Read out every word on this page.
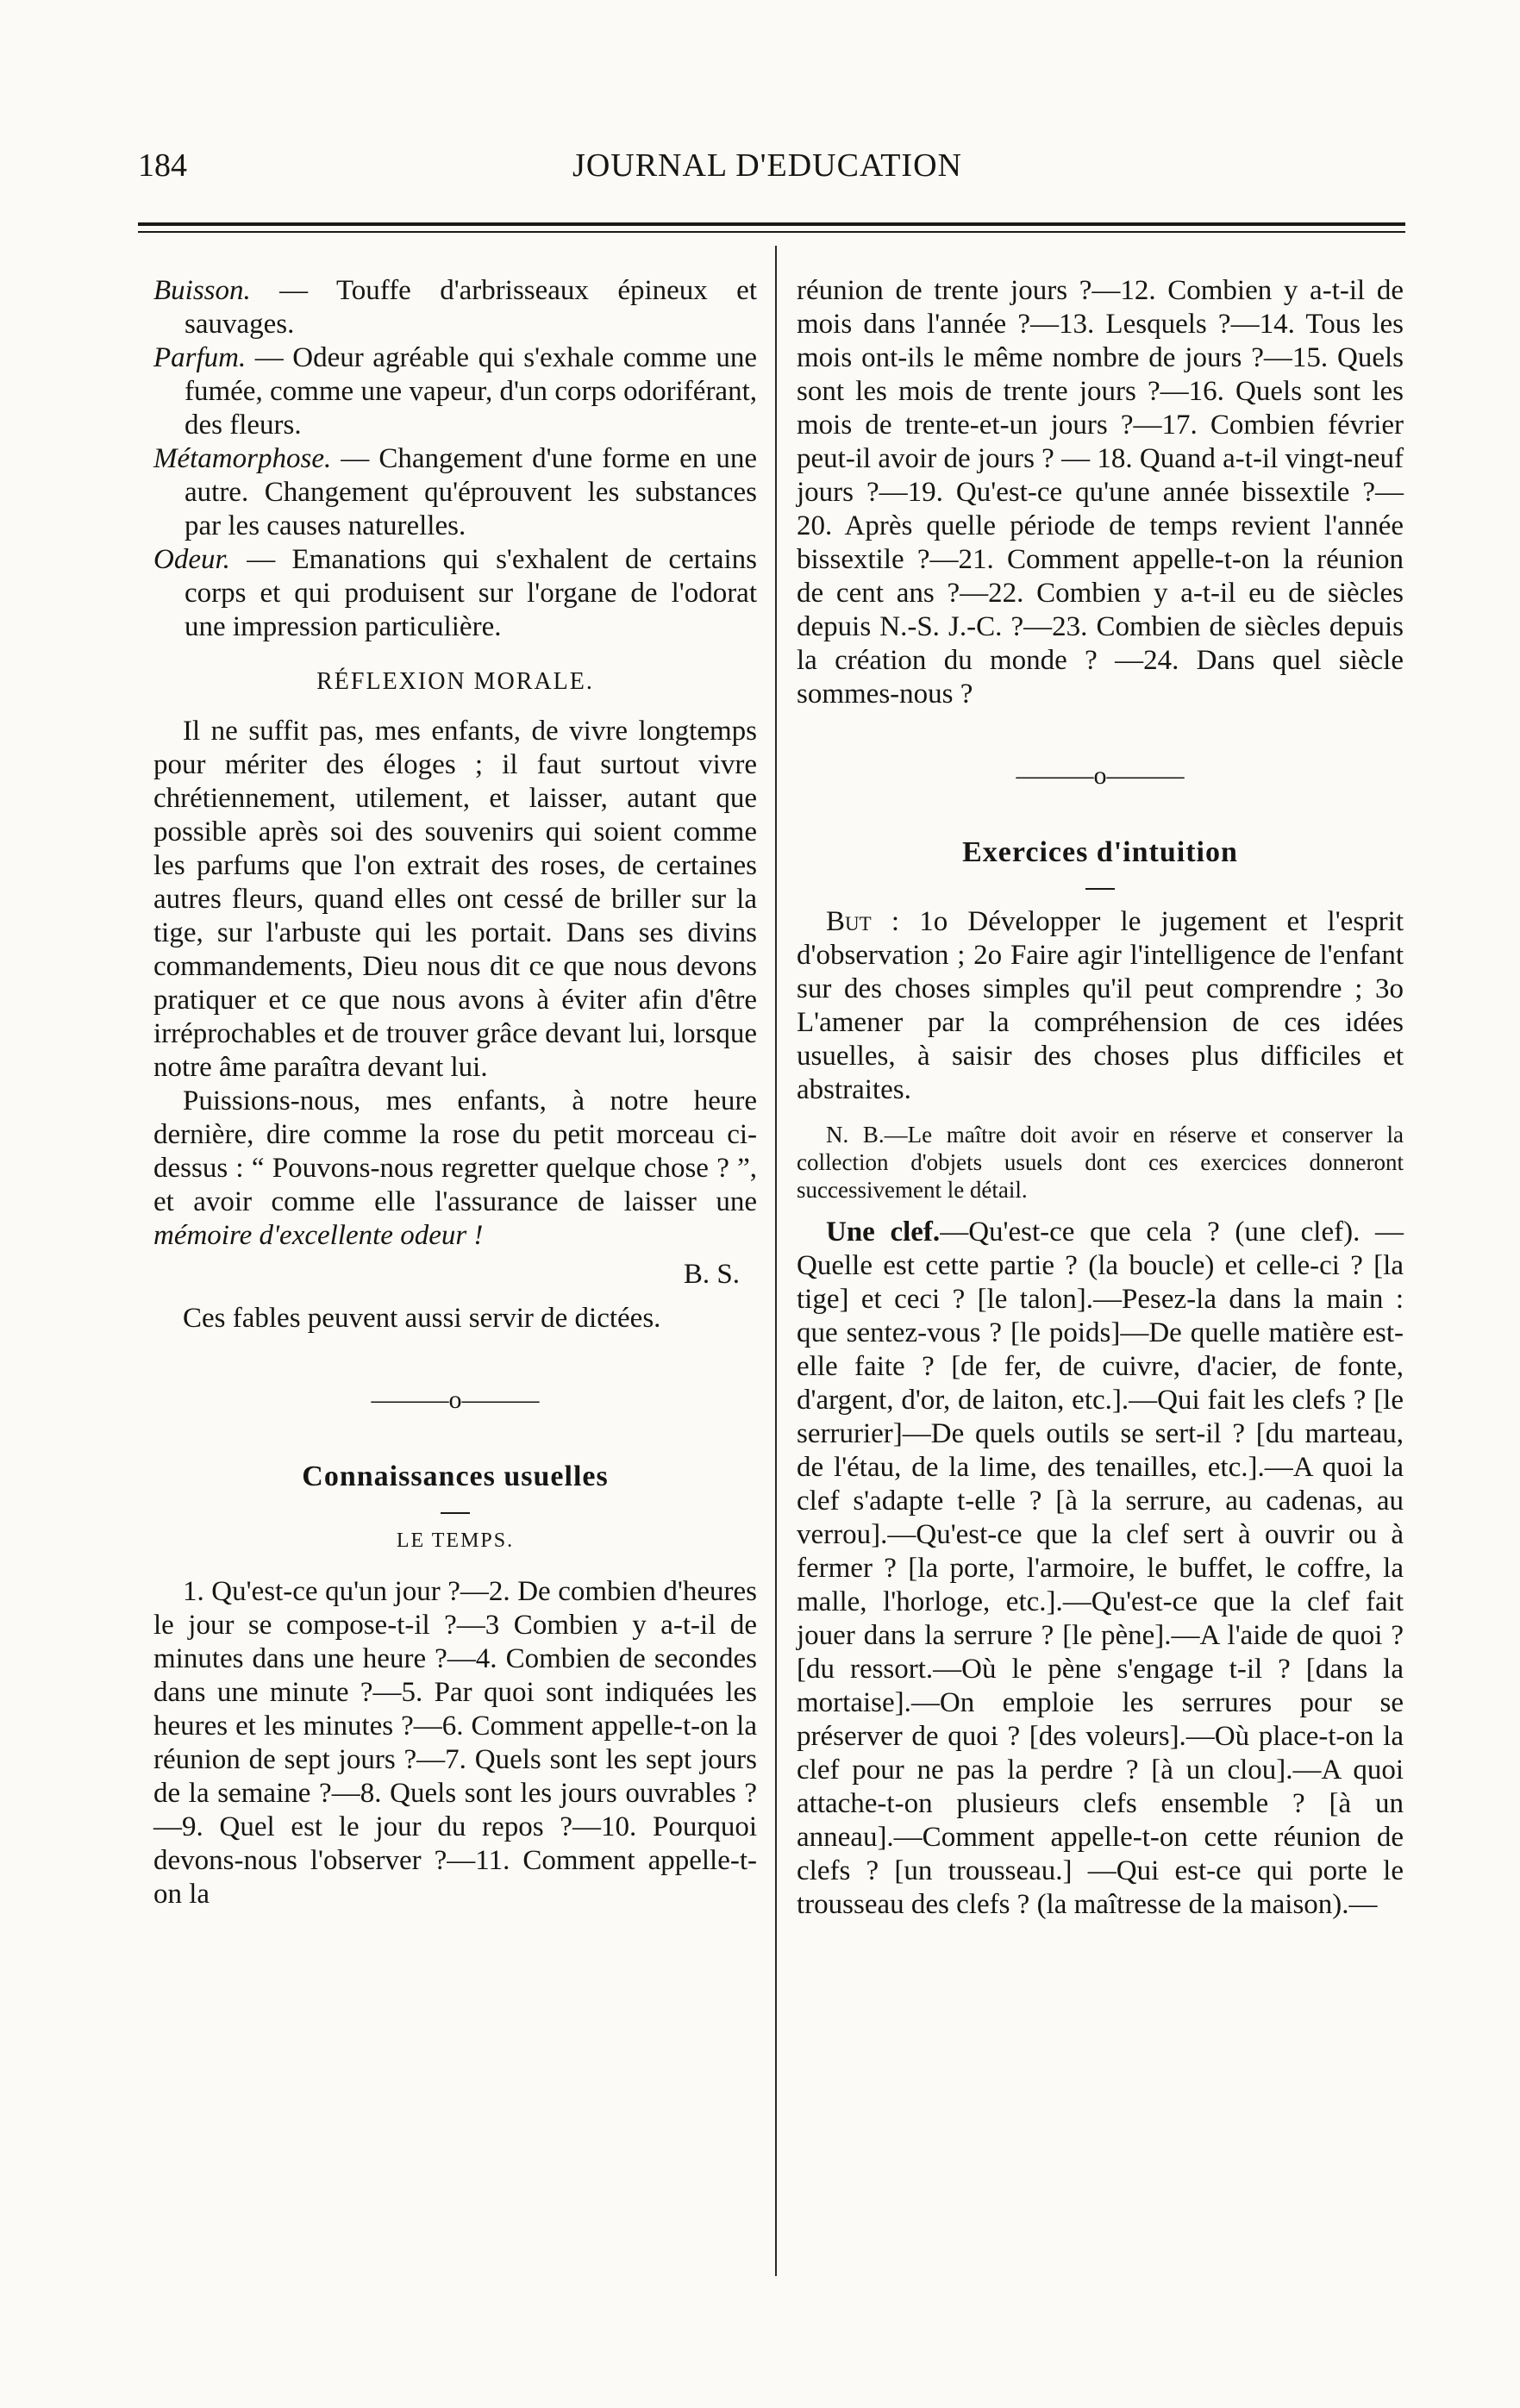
184	JOURNAL D'EDUCATION

Buisson. — Touffe d'arbrisseaux épineux et sauvages.

Parfum. — Odeur agréable qui s'exhale comme une fumée, comme une vapeur, d'un corps odoriférant, des fleurs.

Métamorphose. — Changement d'une forme en une autre. Changement qu'éprouvent les substances par les causes naturelles.

Odeur. — Emanations qui s'exhalent de certains corps et qui produisent sur l'organe de l'odorat une impression particulière.

RÉFLEXION MORALE.

Il ne suffit pas, mes enfants, de vivre longtemps pour mériter des éloges ; il faut surtout vivre chrétiennement, utilement, et laisser, autant que possible après soi des souvenirs qui soient comme les parfums que l'on extrait des roses, de certaines autres fleurs, quand elles ont cessé de briller sur la tige, sur l'arbuste qui les portait. Dans ses divins commandements, Dieu nous dit ce que nous devons pratiquer et ce que nous avons à éviter afin d'être irréprochables et de trouver grâce devant lui, lorsque notre âme paraîtra devant lui.

Puissions-nous, mes enfants, à notre heure dernière, dire comme la rose du petit morceau ci-dessus : “ Pouvons-nous regretter quelque chose ? ”, et avoir comme elle l'assurance de laisser une mémoire d'excellente odeur !

B. S.

Ces fables peuvent aussi servir de dictées.

———o———

Connaissances usuelles

LE TEMPS.

1. Qu'est-ce qu'un jour ?—2. De combien d'heures le jour se compose-t-il ?—3 Combien y a-t-il de minutes dans une heure ?—4. Combien de secondes dans une minute ?—5. Par quoi sont indiquées les heures et les minutes ?—6. Comment appelle-t-on la réunion de sept jours ?—7. Quels sont les sept jours de la semaine ?—8. Quels sont les jours ouvrables ?—9. Quel est le jour du repos ?—10. Pourquoi devons-nous l'observer ?—11. Comment appelle-t-on la

réunion de trente jours ?—12. Combien y a-t-il de mois dans l'année ?—13. Lesquels ?—14. Tous les mois ont-ils le même nombre de jours ?—15. Quels sont les mois de trente jours ?—16. Quels sont les mois de trente-et-un jours ?—17. Combien février peut-il avoir de jours ? — 18. Quand a-t-il vingt-neuf jours ?—19. Qu'est-ce qu'une année bissextile ?—20. Après quelle période de temps revient l'année bissextile ?—21. Comment appelle-t-on la réunion de cent ans ?—22. Combien y a-t-il eu de siècles depuis N.-S. J.-C. ?—23. Combien de siècles depuis la création du monde ? —24. Dans quel siècle sommes-nous ?

———o———

Exercices d'intuition

But : 1o Développer le jugement et l'esprit d'observation ; 2o Faire agir l'intelligence de l'enfant sur des choses simples qu'il peut comprendre ; 3o L'amener par la compréhension de ces idées usuelles, à saisir des choses plus difficiles et abstraites.

N. B.—Le maître doit avoir en réserve et conserver la collection d'objets usuels dont ces exercices donneront successivement le détail.

Une clef.—Qu'est-ce que cela ? (une clef). — Quelle est cette partie ? (la boucle) et celle-ci ? [la tige] et ceci ? [le talon].—Pesez-la dans la main : que sentez-vous ? [le poids]—De quelle matière est-elle faite ? [de fer, de cuivre, d'acier, de fonte, d'argent, d'or, de laiton, etc.].—Qui fait les clefs ? [le serrurier]—De quels outils se sert-il ? [du marteau, de l'étau, de la lime, des tenailles, etc.].—A quoi la clef s'adapte t-elle ? [à la serrure, au cadenas, au verrou].—Qu'est-ce que la clef sert à ouvrir ou à fermer ? [la porte, l'armoire, le buffet, le coffre, la malle, l'horloge, etc.].—Qu'est-ce que la clef fait jouer dans la serrure ? [le pène].—A l'aide de quoi ? [du ressort.—Où le pène s'engage t-il ? [dans la mortaise].—On emploie les serrures pour se préserver de quoi ? [des voleurs].—Où place-t-on la clef pour ne pas la perdre ? [à un clou].—A quoi attache-t-on plusieurs clefs ensemble ? [à un anneau].—Comment appelle-t-on cette réunion de clefs ? [un trousseau.] —Qui est-ce qui porte le trousseau des clefs ? (la maîtresse de la maison).—
